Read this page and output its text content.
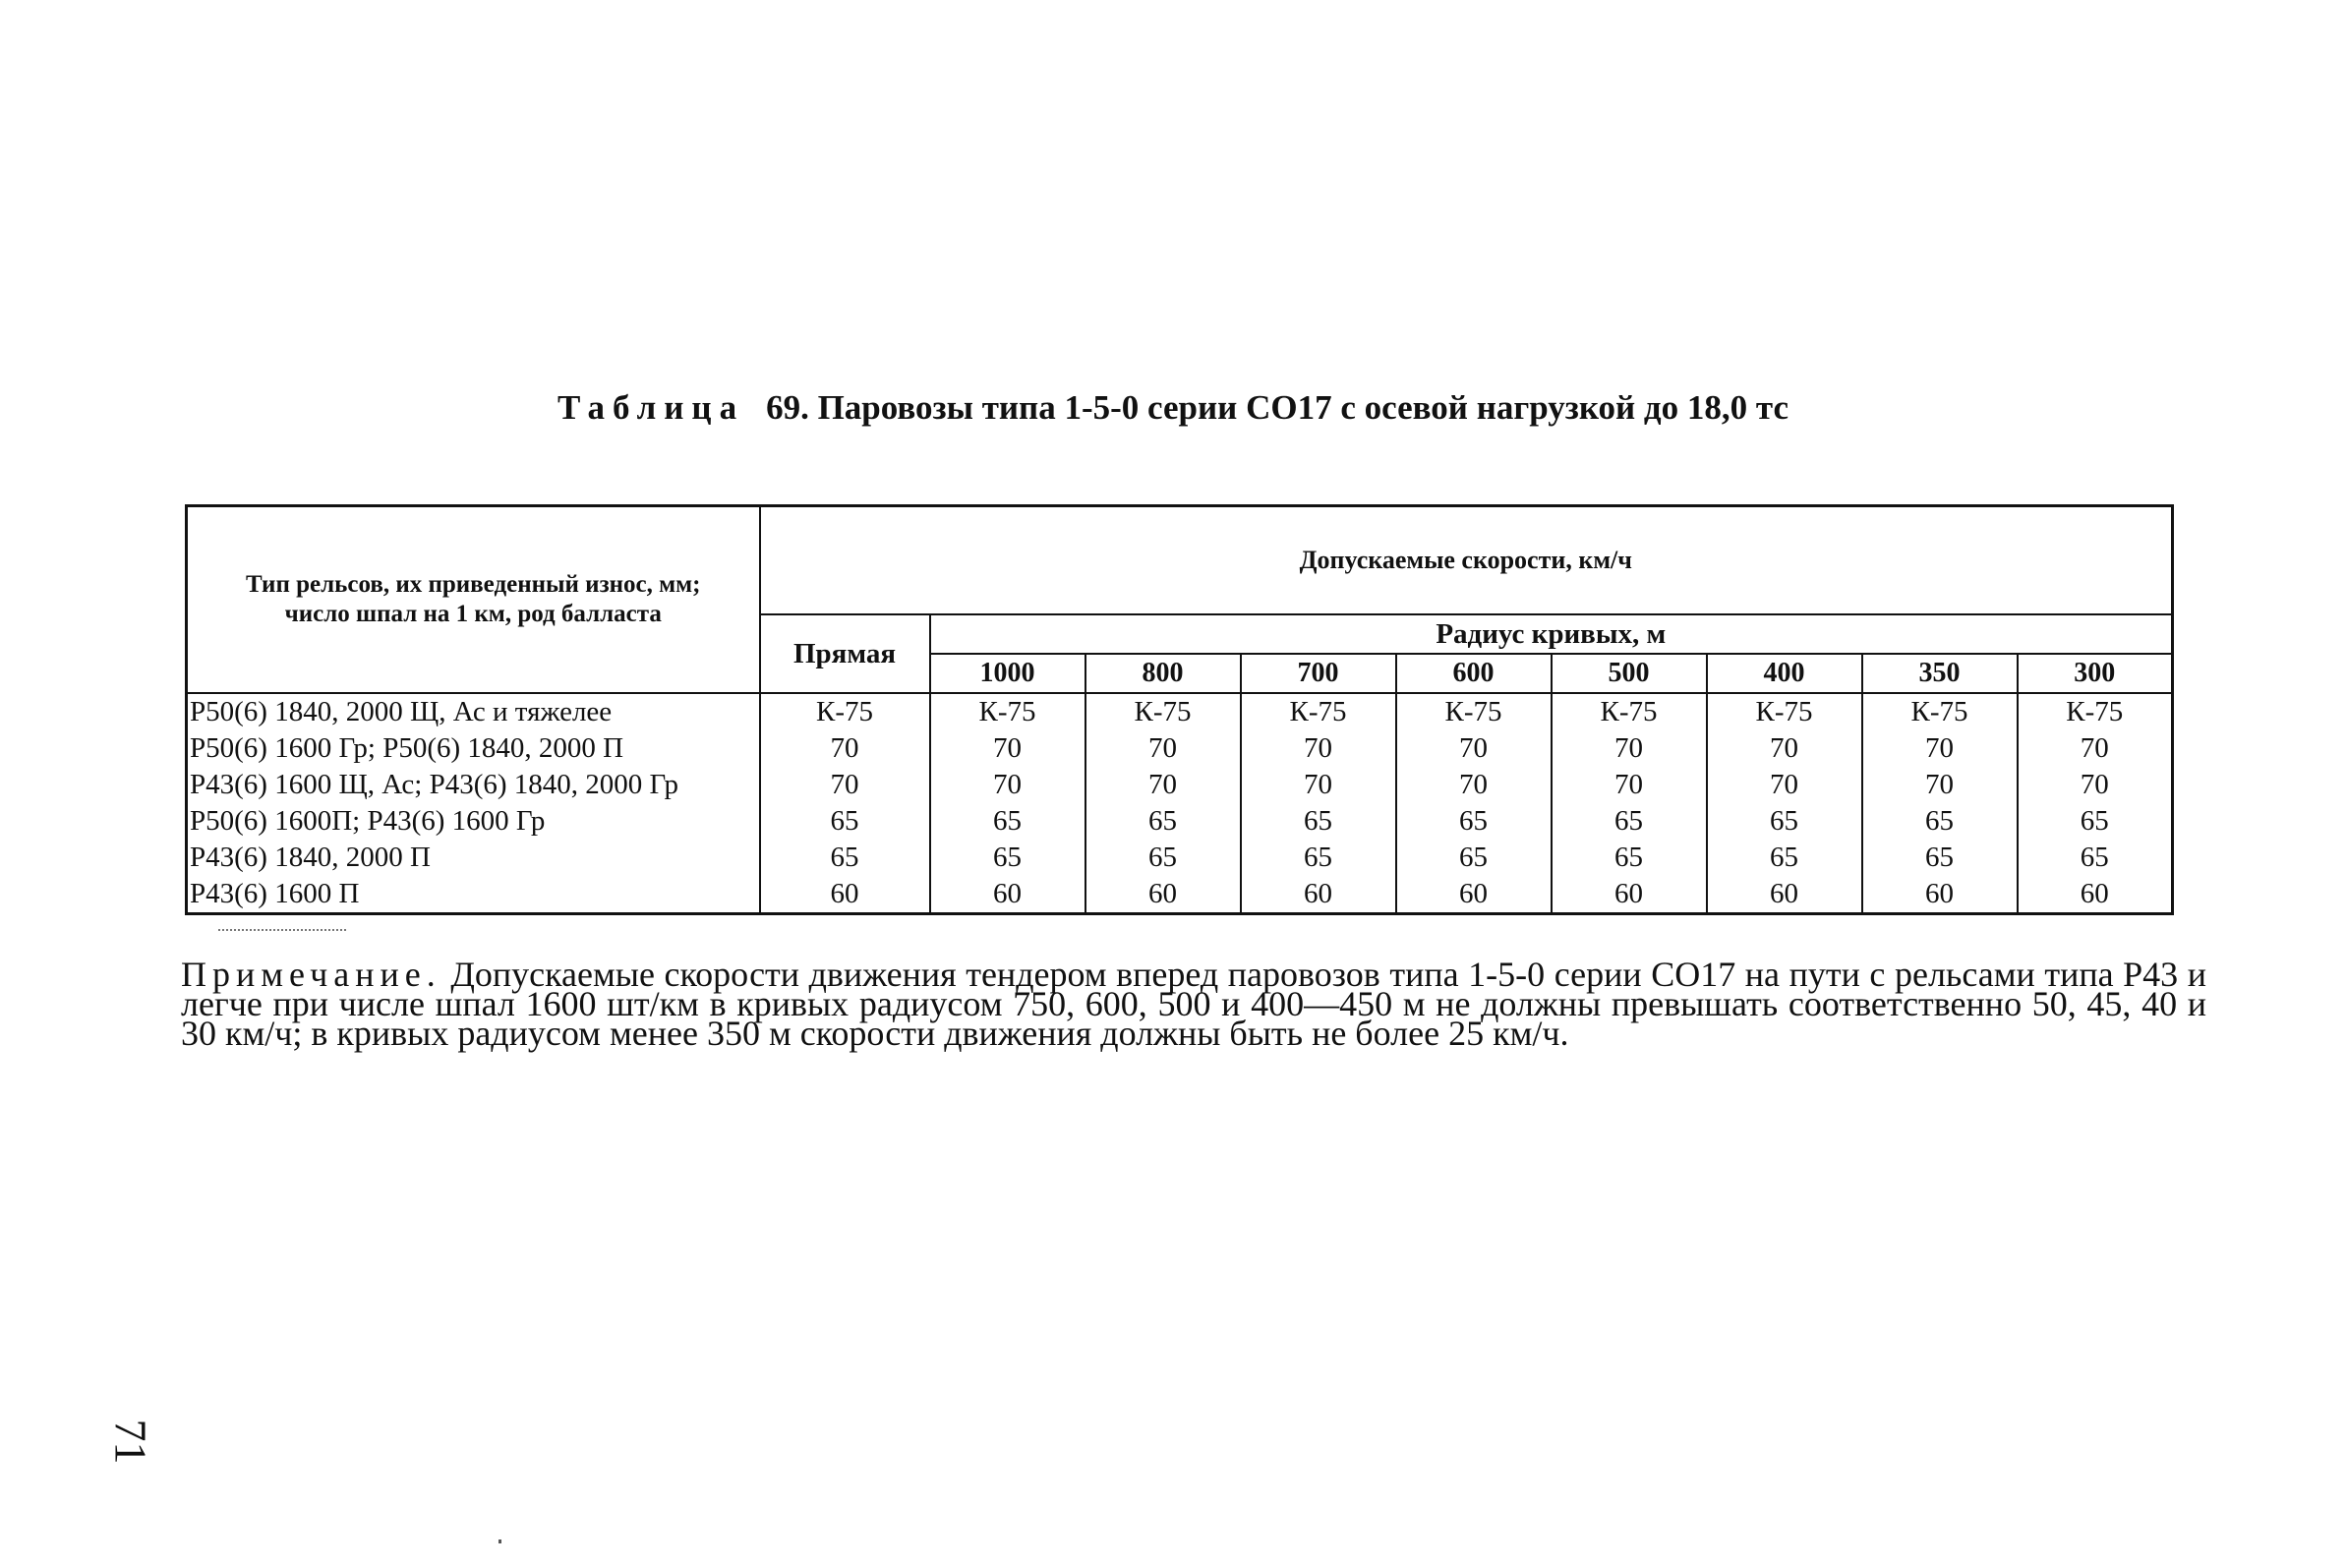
Таблица 69. Паровозы типа 1-5-0 серии СО17 с осевой нагрузкой до 18,0 тс
Тип рельсов, их приведенный износ, мм; число шпал на 1 км, род балласта	Допускаемые скорости, км/ч								
	Прямая	Радиус кривых, м							
		1000	800	700	600	500	400	350	300
Р50(6) 1840, 2000 Щ, Ас и тяжелее	К-75	К-75	К-75	К-75	К-75	К-75	К-75	К-75	К-75
Р50(6) 1600 Гр; Р50(6) 1840, 2000 П	70	70	70	70	70	70	70	70	70
Р43(6) 1600 Щ, Ас; Р43(6) 1840, 2000 Гр	70	70	70	70	70	70	70	70	70
Р50(6) 1600П; Р43(6) 1600 Гр	65	65	65	65	65	65	65	65	65
Р43(6) 1840, 2000 П	65	65	65	65	65	65	65	65	65
Р43(6) 1600 П	60	60	60	60	60	60	60	60	60
Примечание. Допускаемые скорости движения тендером вперед паровозов типа 1-5-0 серии СО17 на пути с рельсами типа Р43 и легче при числе шпал 1600 шт/км в кривых радиусом 750, 600, 500 и 400—450 м не должны превышать соответственно 50, 45, 40 и 30 км/ч; в кривых радиусом менее 350 м скорости движения должны быть не более 25 км/ч.
71
